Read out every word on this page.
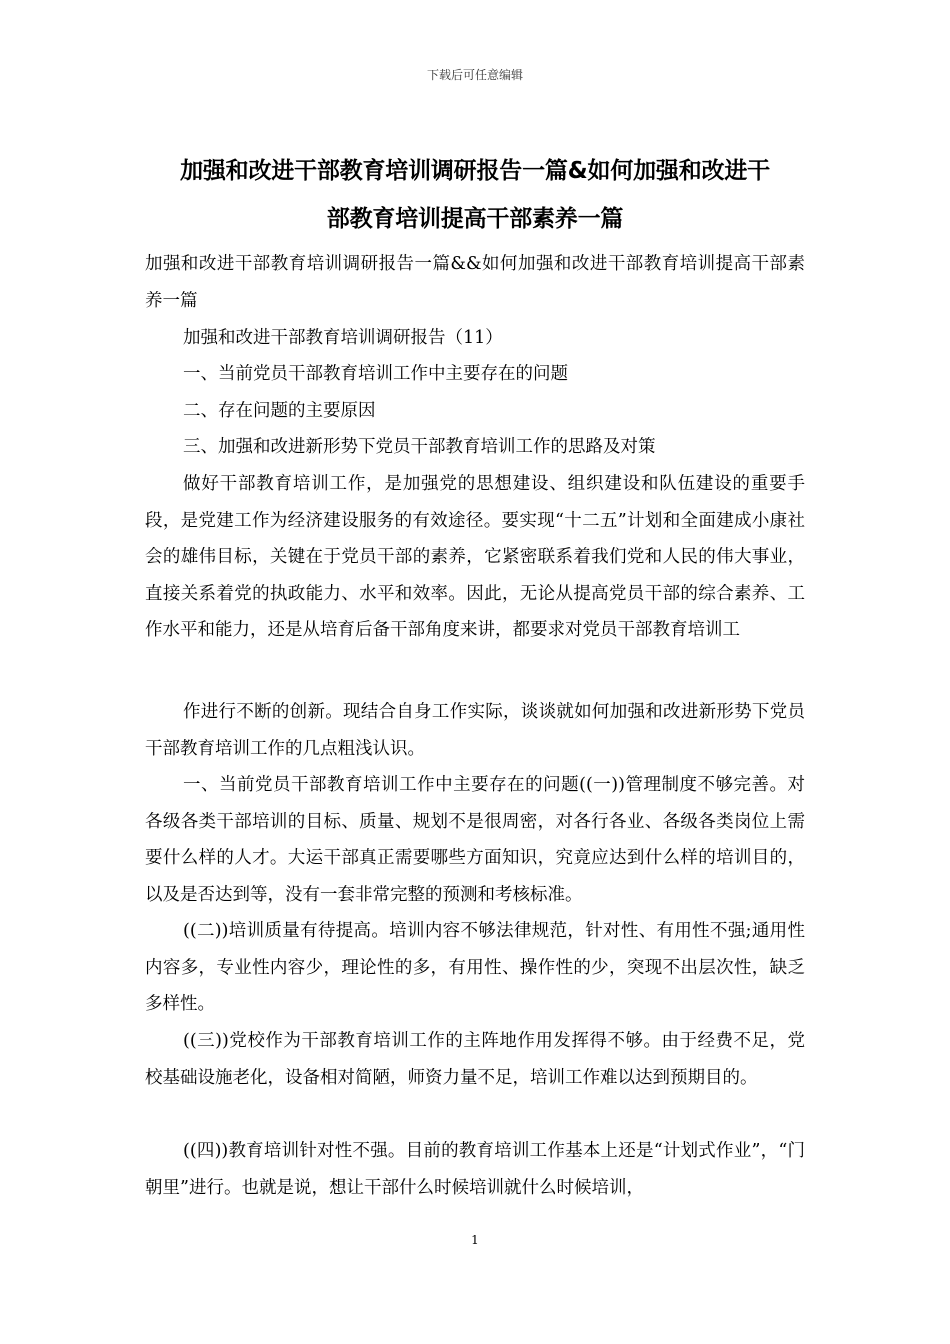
下载后可任意编辑
加强和改进干部教育培训调研报告一篇&如何加强和改进干
部教育培训提高干部素养一篇

加强和改进干部教育培训调研报告一篇&&如何加强和改进干部教育培训提高干部素养一篇

加强和改进干部教育培训调研报告（11）

一、当前党员干部教育培训工作中主要存在的问题

二、存在问题的主要原因

三、加强和改进新形势下党员干部教育培训工作的思路及对策

做好干部教育培训工作，是加强党的思想建设、组织建设和队伍建设的重要手段，是党建工作为经济建设服务的有效途径。要实现“十二五”计划和全面建成小康社会的雄伟目标，关键在于党员干部的素养，它紧密联系着我们党和人民的伟大事业，直接关系着党的执政能力、水平和效率。因此，无论从提高党员干部的综合素养、工作水平和能力，还是从培育后备干部角度来讲，都要求对党员干部教育培训工

作进行不断的创新。现结合自身工作实际，谈谈就如何加强和改进新形势下党员干部教育培训工作的几点粗浅认识。

一、当前党员干部教育培训工作中主要存在的问题((一))管理制度不够完善。对各级各类干部培训的目标、质量、规划不是很周密，对各行各业、各级各类岗位上需要什么样的人才。大运干部真正需要哪些方面知识，究竟应达到什么样的培训目的，以及是否达到等，没有一套非常完整的预测和考核标准。

((二))培训质量有待提高。培训内容不够法律规范，针对性、有用性不强;通用性内容多，专业性内容少，理论性的多，有用性、操作性的少，突现不出层次性，缺乏多样性。

((三))党校作为干部教育培训工作的主阵地作用发挥得不够。由于经费不足，党校基础设施老化，设备相对简陋，师资力量不足，培训工作难以达到预期目的。

((四))教育培训针对性不强。目前的教育培训工作基本上还是“计划式作业”，“门朝里”进行。也就是说，想让干部什么时候培训就什么时候培训，

1
